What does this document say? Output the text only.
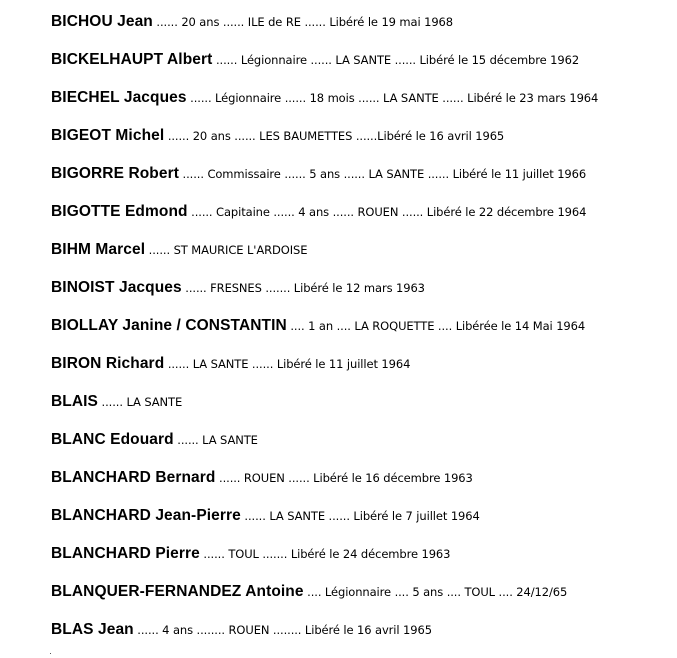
BICHOU Jean ...... 20 ans ...... ILE de RE ...... Libéré le 19 mai 1968
BICKELHAUPT Albert ...... Légionnaire ...... LA SANTE ...... Libéré le 15 décembre 1962
BIECHEL Jacques ...... Légionnaire ...... 18 mois ...... LA SANTE ...... Libéré le 23 mars 1964
BIGEOT Michel ...... 20 ans ...... LES BAUMETTES ......Libéré le 16 avril 1965
BIGORRE Robert ...... Commissaire ...... 5 ans ...... LA SANTE ...... Libéré le 11 juillet 1966
BIGOTTE Edmond ...... Capitaine ...... 4 ans ...... ROUEN ...... Libéré le 22 décembre 1964
BIHM Marcel ...... ST MAURICE L'ARDOISE
BINOIST Jacques ...... FRESNES ....... Libéré le 12 mars 1963
BIOLLAY Janine / CONSTANTIN .... 1 an .... LA ROQUETTE .... Libérée le 14 Mai 1964
BIRON Richard ...... LA SANTE ...... Libéré le 11 juillet 1964
BLAIS ...... LA SANTE
BLANC Edouard ...... LA SANTE
BLANCHARD Bernard ...... ROUEN ...... Libéré le 16 décembre 1963
BLANCHARD Jean-Pierre ...... LA SANTE ...... Libéré le 7 juillet 1964
BLANCHARD Pierre ...... TOUL ....... Libéré le 24 décembre 1963
BLANQUER-FERNANDEZ Antoine .... Légionnaire .... 5 ans .... TOUL .... 24/12/65
BLAS Jean ...... 4 ans ........ ROUEN ........ Libéré le 16 avril 1965
